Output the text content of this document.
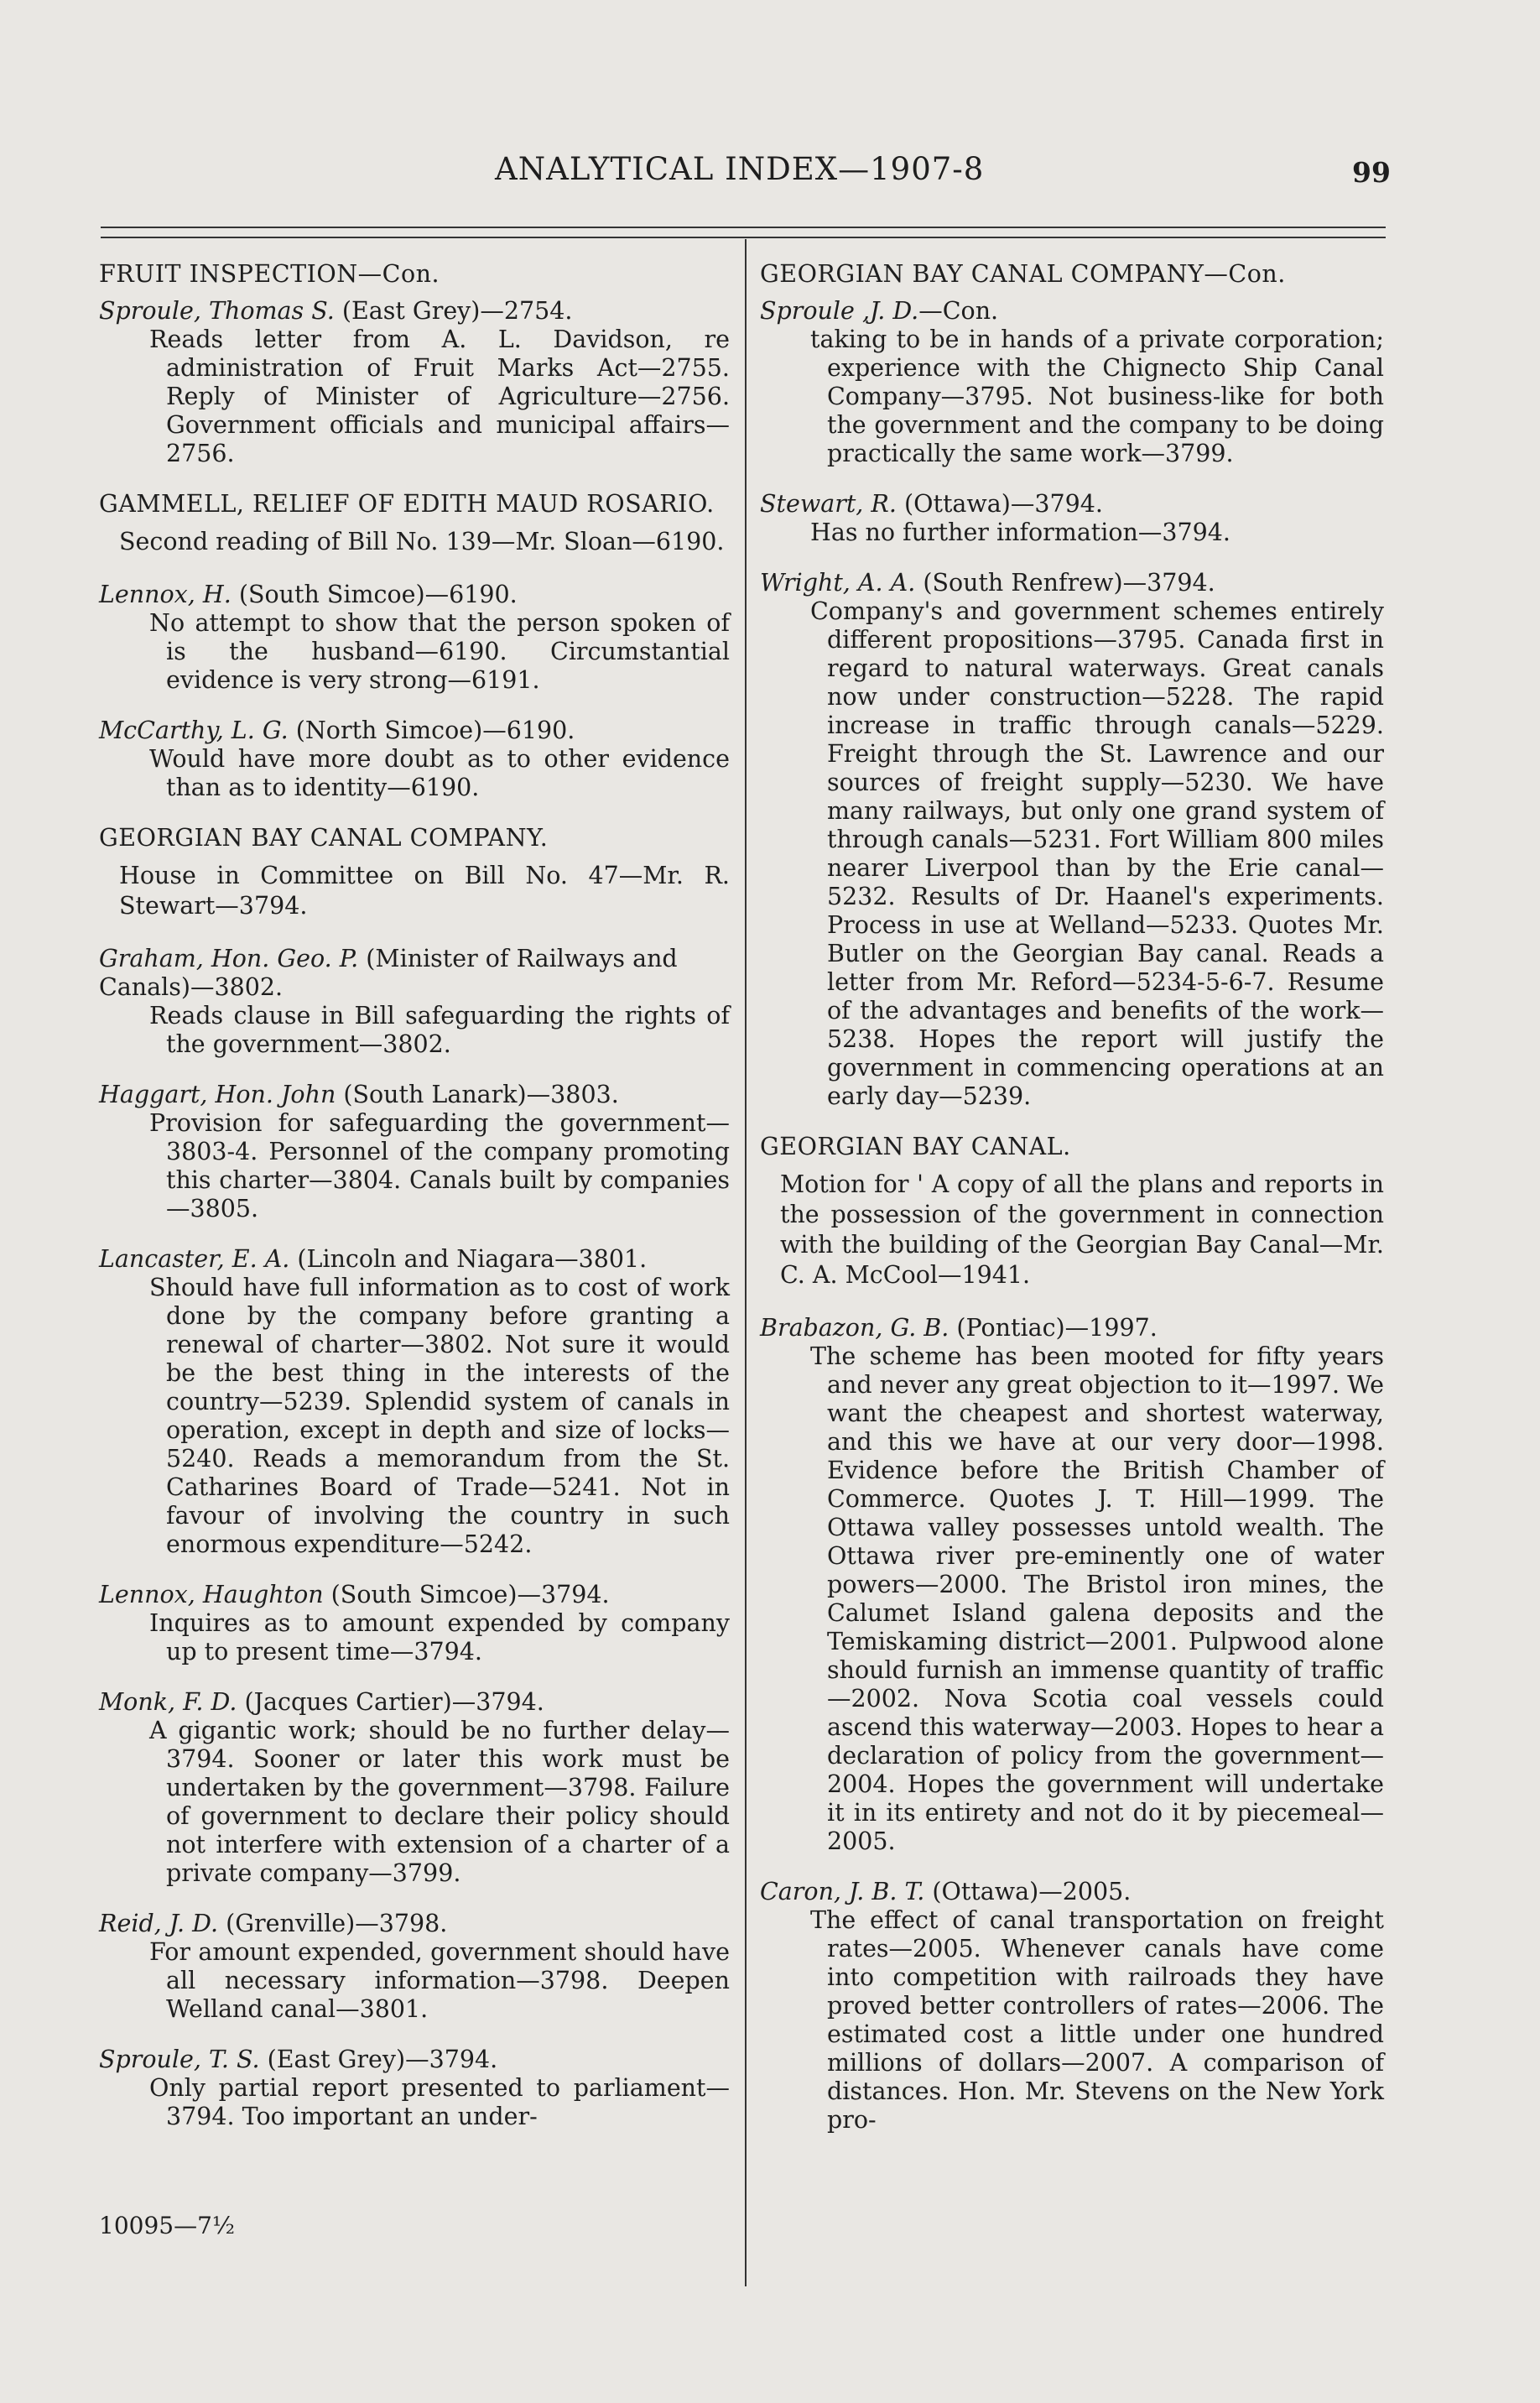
ANALYTICAL INDEX—1907-8	99
FRUIT INSPECTION—Con.
Sproule, Thomas S. (East Grey)—2754.
Reads letter from A. L. Davidson, re administration of Fruit Marks Act—2755. Reply of Minister of Agriculture—2756. Government officials and municipal affairs—2756.
GAMMELL, RELIEF OF EDITH MAUD ROSARIO.
Second reading of Bill No. 139—Mr. Sloan—6190.
Lennox, H. (South Simcoe)—6190.
No attempt to show that the person spoken of is the husband—6190. Circumstantial evidence is very strong—6191.
McCarthy, L. G. (North Simcoe)—6190.
Would have more doubt as to other evidence than as to identity—6190.
GEORGIAN BAY CANAL COMPANY.
House in Committee on Bill No. 47—Mr. R. Stewart—3794.
Graham, Hon. Geo. P. (Minister of Railways and Canals)—3802.
Reads clause in Bill safeguarding the rights of the government—3802.
Haggart, Hon. John (South Lanark)—3803.
Provision for safeguarding the government—3803-4. Personnel of the company promoting this charter—3804. Canals built by companies—3805.
Lancaster, E. A. (Lincoln and Niagara—3801.
Should have full information as to cost of work done by the company before granting a renewal of charter—3802. Not sure it would be the best thing in the interests of the country—5239. Splendid system of canals in operation, except in depth and size of locks—5240. Reads a memorandum from the St. Catharines Board of Trade—5241. Not in favour of involving the country in such enormous expenditure—5242.
Lennox, Haughton (South Simcoe)—3794.
Inquires as to amount expended by company up to present time—3794.
Monk, F. D. (Jacques Cartier)—3794.
A gigantic work; should be no further delay—3794. Sooner or later this work must be undertaken by the government—3798. Failure of government to declare their policy should not interfere with extension of a charter of a private company—3799.
Reid, J. D. (Grenville)—3798.
For amount expended, government should have all necessary information—3798. Deepen Welland canal—3801.
Sproule, T. S. (East Grey)—3794.
Only partial report presented to parliament—3794. Too important an under-
GEORGIAN BAY CANAL COMPANY—Con.
Sproule ,J. D.—Con.
taking to be in hands of a private corporation; experience with the Chignecto Ship Canal Company—3795. Not business-like for both the government and the company to be doing practically the same work—3799.
Stewart, R. (Ottawa)—3794.
Has no further information—3794.
Wright, A. A. (South Renfrew)—3794.
Company's and government schemes entirely different propositions—3795. Canada first in regard to natural waterways. Great canals now under construction—5228. The rapid increase in traffic through canals—5229. Freight through the St. Lawrence and our sources of freight supply—5230. We have many railways, but only one grand system of through canals—5231. Fort William 800 miles nearer Liverpool than by the Erie canal—5232. Results of Dr. Haanel's experiments. Process in use at Welland—5233. Quotes Mr. Butler on the Georgian Bay canal. Reads a letter from Mr. Reford—5234-5-6-7. Resume of the advantages and benefits of the work—5238. Hopes the report will justify the government in commencing operations at an early day—5239.
GEORGIAN BAY CANAL.
Motion for ' A copy of all the plans and reports in the possession of the government in connection with the building of the Georgian Bay Canal—Mr. C. A. McCool—1941.
Brabazon, G. B. (Pontiac)—1997.
The scheme has been mooted for fifty years and never any great objection to it—1997. We want the cheapest and shortest waterway, and this we have at our very door—1998. Evidence before the British Chamber of Commerce. Quotes J. T. Hill—1999. The Ottawa valley possesses untold wealth. The Ottawa river pre-eminently one of water powers—2000. The Bristol iron mines, the Calumet Island galena deposits and the Temiskaming district—2001. Pulpwood alone should furnish an immense quantity of traffic—2002. Nova Scotia coal vessels could ascend this waterway—2003. Hopes to hear a declaration of policy from the government—2004. Hopes the government will undertake it in its entirety and not do it by piecemeal—2005.
Caron, J. B. T. (Ottawa)—2005.
The effect of canal transportation on freight rates—2005. Whenever canals have come into competition with railroads they have proved better controllers of rates—2006. The estimated cost a little under one hundred millions of dollars—2007. A comparison of distances. Hon. Mr. Stevens on the New York pro-
10095—7½
